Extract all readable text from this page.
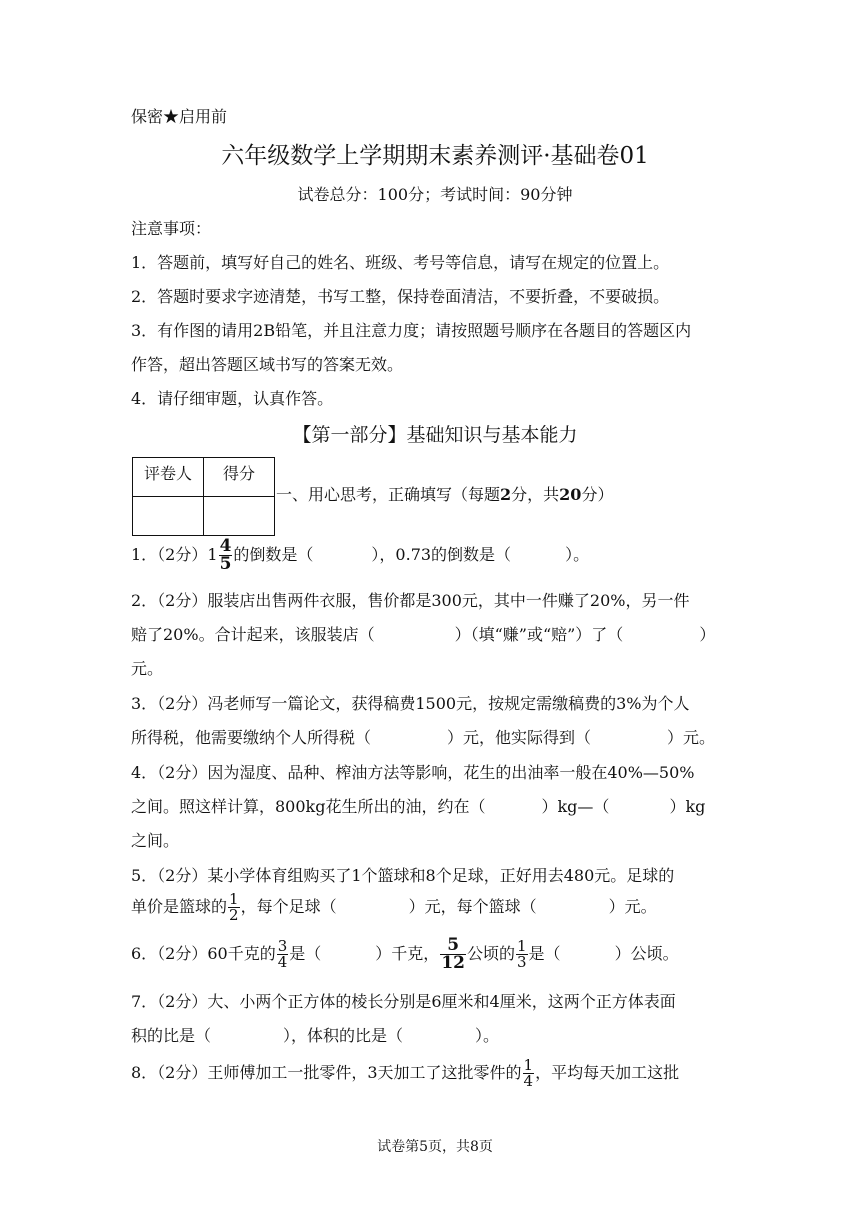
保密★启用前
六年级数学上学期期末素养测评·基础卷01
试卷总分：100分；考试时间：90分钟
注意事项：
1．答题前，填写好自己的姓名、班级、考号等信息，请写在规定的位置上。
2．答题时要求字迹清楚，书写工整，保持卷面清洁，不要折叠，不要破损。
3．有作图的请用2B铅笔，并且注意力度；请按照题号顺序在各题目的答题区内
作答，超出答题区域书写的答案无效。
4．请仔细审题，认真作答。
【第一部分】基础知识与基本能力
评卷人	得分

一、用心思考，正确填写（每题2分，共20分）
1．（2分）$1 \frac{4}{5}$ 的倒数是（	），0.73的倒数是（	）。
2．（2分）服装店出售两件衣服，售价都是300元，其中一件赚了20%，另一件
赔了20%。合计起来，该服装店（	）（填“赚”或“赔”）了（	）
元。
3．（2分）冯老师写一篇论文，获得稿费1500元，按规定需缴稿费的3%为个人
所得税，他需要缴纳个人所得税（	）元，他实际得到（	）元。
4．（2分）因为湿度、品种、榨油方法等影响，花生的出油率一般在40%—50%
之间。照这样计算，800kg花生所出的油，约在（	）kg—（	）kg
之间。
5．（2分）某小学体育组购买了1个篮球和8个足球，正好用去480元。足球的
单价是篮球的 $\frac{1}{2}$ ，每个足球（	）元，每个篮球（	）元。
6．（2分）60千克的 $\frac{3}{4}$ 是（	）千克， $\frac{5}{12}$ 公顷的 $\frac{1}{3}$ 是（	）公顷。
7．（2分）大、小两个正方体的棱长分别是6厘米和4厘米，这两个正方体表面
积的比是（	），体积的比是（	）。
8．（2分）王师傅加工一批零件，3天加工了这批零件的 $\frac{1}{4}$ ，平均每天加工这批
试卷第5页，共8页
